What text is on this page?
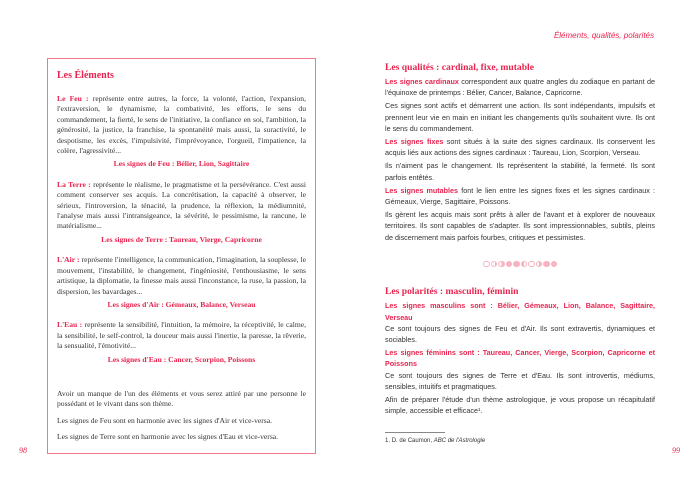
Les Éléments
Le Feu : représente entre autres, la force, la volonté, l'action, l'expansion, l'extraversion, le dynamisme, la combativité, les efforts, le sens du commandement, la fierté, le sens de l'initiative, la confiance en soi, l'ambition, la générosité, la justice, la franchise, la spontanéité mais aussi, la suractivité, le despotisme, les excès, l'impulsivité, l'imprévoyance, l'orgueil, l'impatience, la colère, l'agressivité...
Les signes de Feu : Bélier, Lion, Sagittaire
La Terre : représente le réalisme, le pragmatisme et la persévérance. C'est aussi comment conserver ses acquis. La concrétisation, la capacité à observer, le sérieux, l'introversion, la ténacité, la prudence, la réflexion, la médiumnité, l'analyse mais aussi l'intransigeance, la sévérité, le pessimisme, la rancune, le matérialisme...
Les signes de Terre : Taureau, Vierge, Capricorne
L'Air : représente l'intelligence, la communication, l'imagination, la souplesse, le mouvement, l'instabilité, le changement, l'ingéniosité, l'enthousiasme, le sens artistique, la diplomatie, la finesse mais aussi l'inconstance, la ruse, la passion, la dispersion, les bavardages...
Les signes d'Air : Gémeaux, Balance, Verseau
L'Eau : représente la sensibilité, l'intuition, la mémoire, la réceptivité, le calme, la sensibilité, le self-control, la douceur mais aussi l'inertie, la paresse, la rêverie, la sensualité, l'émotivité...
Les signes d'Eau : Cancer, Scorpion, Poissons
Avoir un manque de l'un des éléments et vous serez attiré par une personne le possédant et le vivant dans son thème.
Les signes de Feu sont en harmonie avec les signes d'Air et vice-versa.
Les signes de Terre sont en harmonie avec les signes d'Eau et vice-versa.
98
Éléments, qualités, polarités
Les qualités : cardinal, fixe, mutable
Les signes cardinaux correspondent aux quatre angles du zodiaque en partant de l'équinoxe de printemps : Bélier, Cancer, Balance, Capricorne.
Ces signes sont actifs et démarrent une action. Ils sont indépendants, impulsifs et prennent leur vie en main en initiant les changements qu'ils souhaitent vivre. Ils ont le sens du commandement.
Les signes fixes sont situés à la suite des signes cardinaux. Ils conservent les acquis liés aux actions des signes cardinaux : Taureau, Lion, Scorpion, Verseau.
Ils n'aiment pas le changement. Ils représentent la stabilité, la fermeté. Ils sont parfois entêtés.
Les signes mutables font le lien entre les signes fixes et les signes cardinaux : Gémeaux, Vierge, Sagittaire, Poissons.
Ils gèrent les acquis mais sont prêts à aller de l'avant et à explorer de nouveaux territoires. Ils sont capables de s'adapter. Ils sont impressionnables, subtils, pleins de discernement mais parfois fourbes, critiques et pessimistes.
Les polarités : masculin, féminin
Les signes masculins sont : Bélier, Gémeaux, Lion, Balance, Sagittaire, Verseau
Ce sont toujours des signes de Feu et d'Air. Ils sont extravertis, dynamiques et sociables.
Les signes féminins sont : Taureau, Cancer, Vierge, Scorpion, Capricorne et Poissons
Ce sont toujours des signes de Terre et d'Eau. Ils sont introvertis, médiums, sensibles, intuitifs et pragmatiques.
Afin de préparer l'étude d'un thème astrologique, je vous propose un récapitulatif simple, accessible et efficace¹.
1. D. de Caumon, ABC de l'Astrologie
99
